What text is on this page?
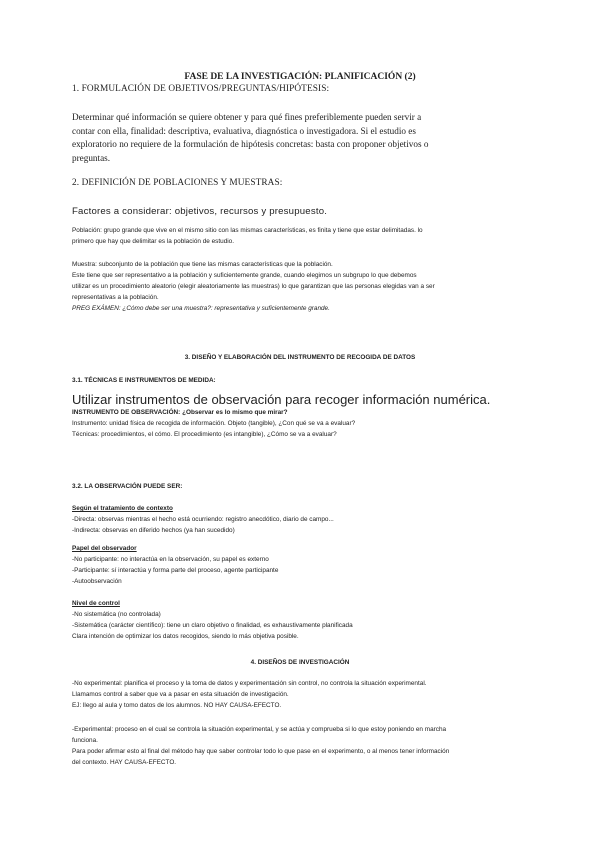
FASE DE LA INVESTIGACIÓN: PLANIFICACIÓN (2)
1. FORMULACIÓN DE OBJETIVOS/PREGUNTAS/HIPÓTESIS:
Determinar qué información se quiere obtener y para qué fines preferiblemente pueden servir a
contar con ella, finalidad: descriptiva, evaluativa, diagnóstica o investigadora. Si el estudio es
exploratorio no requiere de la formulación de hipótesis concretas: basta con proponer objetivos o
preguntas.
2. DEFINICIÓN DE POBLACIONES Y MUESTRAS:
Factores a considerar: objetivos, recursos y presupuesto.
Población: grupo grande que vive en el mismo sitio con las mismas características, es finita y tiene que estar delimitadas. lo
primero que hay que delimitar es la población de estudio.
Muestra: subconjunto de la población que tiene las mismas características que la población.
Este tiene que ser representativo a la población y suficientemente grande, cuando elegimos un subgrupo lo que debemos
utilizar es un procedimiento aleatorio (elegir aleatoriamente las muestras) lo que garantizan que las personas elegidas van a ser
representativas a la población.
PREG EXÁMEN: ¿Cómo debe ser una muestra?: representativa y suficientemente grande.
3. DISEÑO Y ELABORACIÓN DEL INSTRUMENTO DE RECOGIDA DE DATOS
3.1. TÉCNICAS E INSTRUMENTOS DE MEDIDA:
Utilizar instrumentos de observación para recoger información numérica.
INSTRUMENTO DE OBSERVACIÓN: ¿Observar es lo mismo que mirar?
Instrumento: unidad física de recogida de información. Objeto (tangible), ¿Con qué se va a evaluar?
Técnicas: procedimientos, el cómo. El procedimiento (es intangible), ¿Cómo se va a evaluar?
3.2. LA OBSERVACIÓN PUEDE SER:
Según el tratamiento de contexto
-Directa: observas mientras el hecho está ocurriendo: registro anecdótico, diario de campo...
-Indirecta: observas en diferido hechos (ya han sucedido)
Papel del observador
-No participante: no interactúa en la observación, su papel es externo
-Participante: sí interactúa y forma parte del proceso, agente participante
-Autoobservación
Nivel de control
-No sistemática (no controlada)
-Sistemática (carácter científico): tiene un claro objetivo o finalidad, es exhaustivamente planificada
Clara intención de optimizar los datos recogidos, siendo lo más objetiva posible.
4. DISEÑOS DE INVESTIGACIÓN
-No experimental: planifica el proceso y la toma de datos y experimentación sin control, no controla la situación experimental.
Llamamos control a saber que va a pasar en esta situación de investigación.
EJ: llego al aula y tomo datos de los alumnos. NO HAY CAUSA-EFECTO.
-Experimental: proceso en el cual se controla la situación experimental, y se actúa y comprueba si lo que estoy poniendo en marcha
funciona.
Para poder afirmar esto al final del método hay que saber controlar todo lo que pase en el experimento, o al menos tener información
del contexto. HAY CAUSA-EFECTO.
